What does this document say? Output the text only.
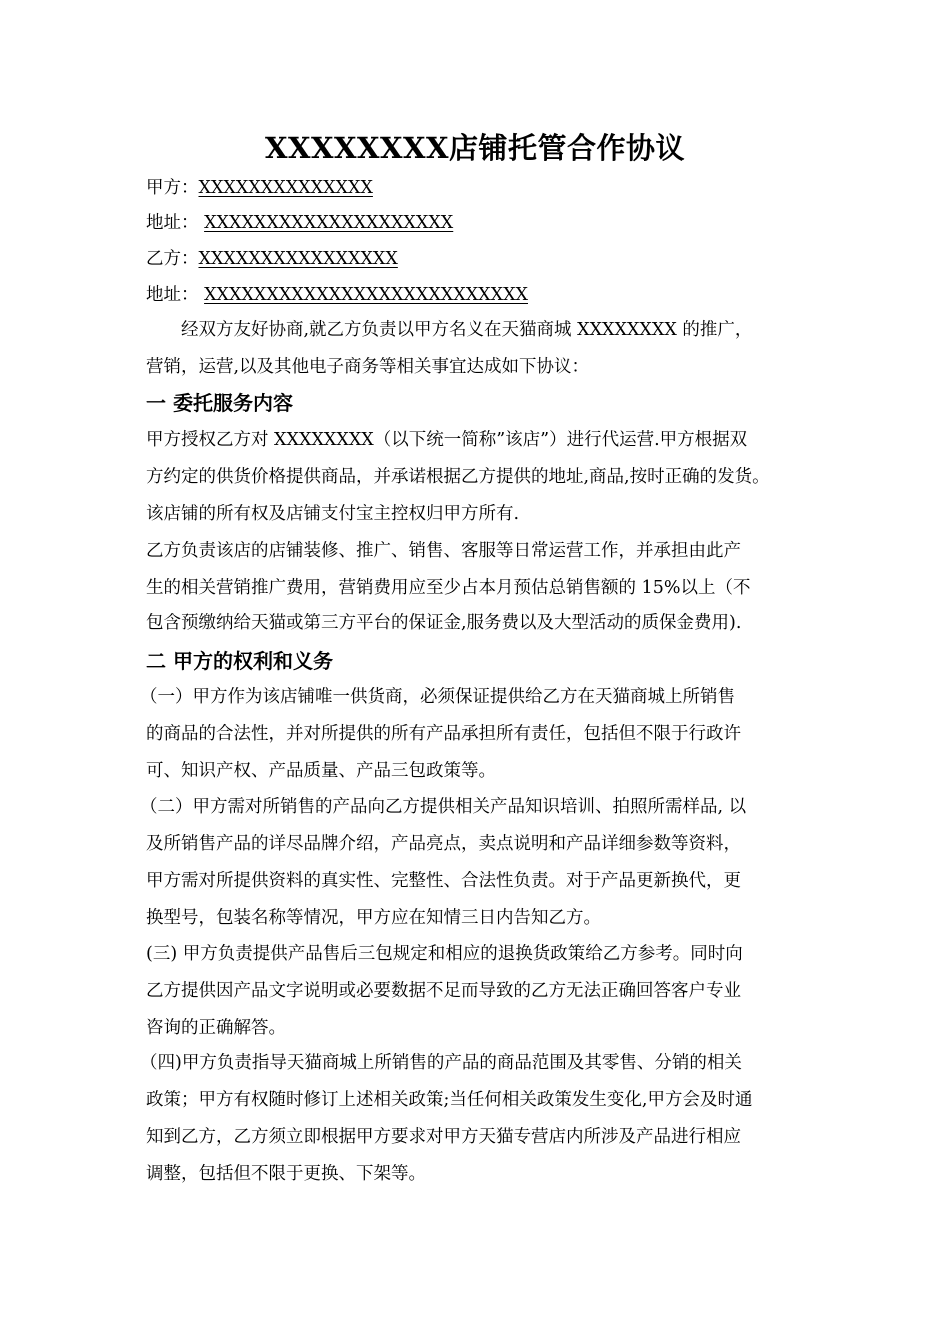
XXXXXXXX店铺托管合作协议
甲方：XXXXXXXXXXXXXX
地址： XXXXXXXXXXXXXXXXXXXX
乙方：XXXXXXXXXXXXXXXX
地址： XXXXXXXXXXXXXXXXXXXXXXXXXX
经双方友好协商,就乙方负责以甲方名义在天猫商城 XXXXXXXX 的推广，
营销，运营,以及其他电子商务等相关事宜达成如下协议：
一 委托服务内容
甲方授权乙方对 XXXXXXXX（以下统一简称”该店”）进行代运营.甲方根据双
方约定的供货价格提供商品，并承诺根据乙方提供的地址,商品,按时正确的发货。
该店铺的所有权及店铺支付宝主控权归甲方所有.
乙方负责该店的店铺装修、推广、销售、客服等日常运营工作，并承担由此产
生的相关营销推广费用，营销费用应至少占本月预估总销售额的 15%以上（不
包含预缴纳给天猫或第三方平台的保证金,服务费以及大型活动的质保金费用).
二 甲方的权利和义务
（一）甲方作为该店铺唯一供货商，必须保证提供给乙方在天猫商城上所销售
的商品的合法性，并对所提供的所有产品承担所有责任，包括但不限于行政许
可、知识产权、产品质量、产品三包政策等。
（二）甲方需对所销售的产品向乙方提供相关产品知识培训、拍照所需样品, 以
及所销售产品的详尽品牌介绍，产品亮点，卖点说明和产品详细参数等资料，
甲方需对所提供资料的真实性、完整性、合法性负责。对于产品更新换代，更
换型号，包装名称等情况，甲方应在知情三日内告知乙方。
(三) 甲方负责提供产品售后三包规定和相应的退换货政策给乙方参考。同时向
乙方提供因产品文字说明或必要数据不足而导致的乙方无法正确回答客户专业
咨询的正确解答。
（四)甲方负责指导天猫商城上所销售的产品的商品范围及其零售、分销的相关
政策；甲方有权随时修订上述相关政策;当任何相关政策发生变化,甲方会及时通
知到乙方，乙方须立即根据甲方要求对甲方天猫专营店内所涉及产品进行相应
调整，包括但不限于更换、下架等。
